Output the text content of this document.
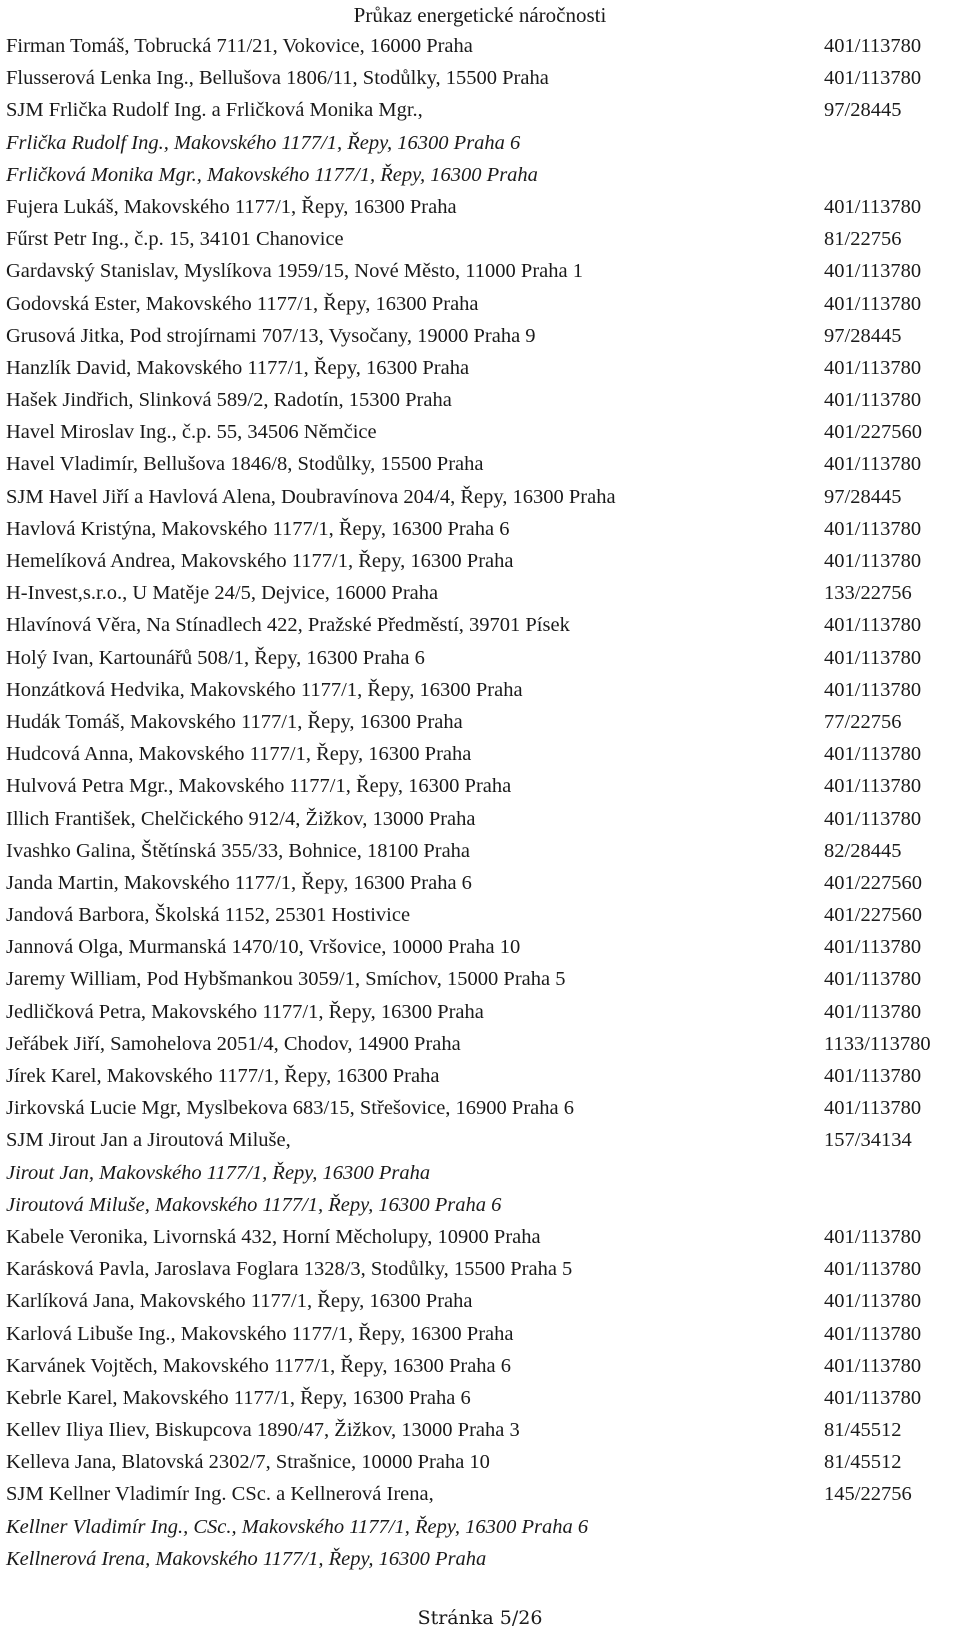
Průkaz energetické náročnosti
Firman Tomáš, Tobrucká 711/21, Vokovice, 16000 Praha	401/113780
Flusserová Lenka Ing., Bellušova 1806/11, Stodůlky, 15500 Praha	401/113780
SJM Frlička Rudolf Ing. a Frličková Monika Mgr.,	97/28445
Frlička Rudolf Ing., Makovského 1177/1, Řepy, 16300 Praha 6
Frličková Monika Mgr., Makovského 1177/1, Řepy, 16300 Praha
Fujera Lukáš, Makovského 1177/1, Řepy, 16300 Praha	401/113780
Fűrst Petr Ing., č.p. 15, 34101 Chanovice	81/22756
Gardavský Stanislav, Myslíkova 1959/15, Nové Město, 11000 Praha 1	401/113780
Godovská Ester, Makovského 1177/1, Řepy, 16300 Praha	401/113780
Grusová Jitka, Pod strojírnami 707/13, Vysočany, 19000 Praha 9	97/28445
Hanzlík David, Makovského 1177/1, Řepy, 16300 Praha	401/113780
Hašek Jindřich, Slinková 589/2, Radotín, 15300 Praha	401/113780
Havel Miroslav Ing., č.p. 55, 34506 Němčice	401/227560
Havel Vladimír, Bellušova 1846/8, Stodůlky, 15500 Praha	401/113780
SJM Havel Jiří a Havlová Alena, Doubravínova 204/4, Řepy, 16300 Praha	97/28445
Havlová Kristýna, Makovského 1177/1, Řepy, 16300 Praha 6	401/113780
Hemelíková Andrea, Makovského 1177/1, Řepy, 16300 Praha	401/113780
H-Invest,s.r.o., U Matěje 24/5, Dejvice, 16000 Praha	133/22756
Hlavínová Věra, Na Stínadlech 422, Pražské Předměstí, 39701 Písek	401/113780
Holý Ivan, Kartounářů 508/1, Řepy, 16300 Praha 6	401/113780
Honzátková Hedvika, Makovského 1177/1, Řepy, 16300 Praha	401/113780
Hudák Tomáš, Makovského 1177/1, Řepy, 16300 Praha	77/22756
Hudcová Anna, Makovského 1177/1, Řepy, 16300 Praha	401/113780
Hulvová Petra Mgr., Makovského 1177/1, Řepy, 16300 Praha	401/113780
Illich František, Chelčického 912/4, Žižkov, 13000 Praha	401/113780
Ivashko Galina, Štětínská 355/33, Bohnice, 18100 Praha	82/28445
Janda Martin, Makovského 1177/1, Řepy, 16300 Praha 6	401/227560
Jandová Barbora, Školská 1152, 25301 Hostivice	401/227560
Jannová Olga, Murmanská 1470/10, Vršovice, 10000 Praha 10	401/113780
Jaremy William, Pod Hybšmankou 3059/1, Smíchov, 15000 Praha 5	401/113780
Jedličková Petra, Makovského 1177/1, Řepy, 16300 Praha	401/113780
Jeřábek Jiří, Samohelova 2051/4, Chodov, 14900 Praha	1133/113780
Jírek Karel, Makovského 1177/1, Řepy, 16300 Praha	401/113780
Jirkovská Lucie Mgr, Myslbekova 683/15, Střešovice, 16900 Praha 6	401/113780
SJM Jirout Jan a Jiroutová Miluše,	157/34134
Jirout Jan, Makovského 1177/1, Řepy, 16300 Praha
Jiroutová Miluše, Makovského 1177/1, Řepy, 16300 Praha 6
Kabele Veronika, Livornská 432, Horní Měcholupy, 10900 Praha	401/113780
Karásková Pavla, Jaroslava Foglara 1328/3, Stodůlky, 15500 Praha 5	401/113780
Karlíková Jana, Makovského 1177/1, Řepy, 16300 Praha	401/113780
Karlová Libuše Ing., Makovského 1177/1, Řepy, 16300 Praha	401/113780
Karvánek Vojtěch, Makovského 1177/1, Řepy, 16300 Praha 6	401/113780
Kebrle Karel, Makovského 1177/1, Řepy, 16300 Praha 6	401/113780
Kellev Iliya Iliev, Biskupcova 1890/47, Žižkov, 13000 Praha 3	81/45512
Kelleva Jana, Blatovská 2302/7, Strašnice, 10000 Praha 10	81/45512
SJM Kellner Vladimír Ing. CSc. a Kellnerová Irena,	145/22756
Kellner Vladimír Ing., CSc., Makovského 1177/1, Řepy, 16300 Praha 6
Kellnerová Irena, Makovského 1177/1, Řepy, 16300 Praha
Stránka 5/26
